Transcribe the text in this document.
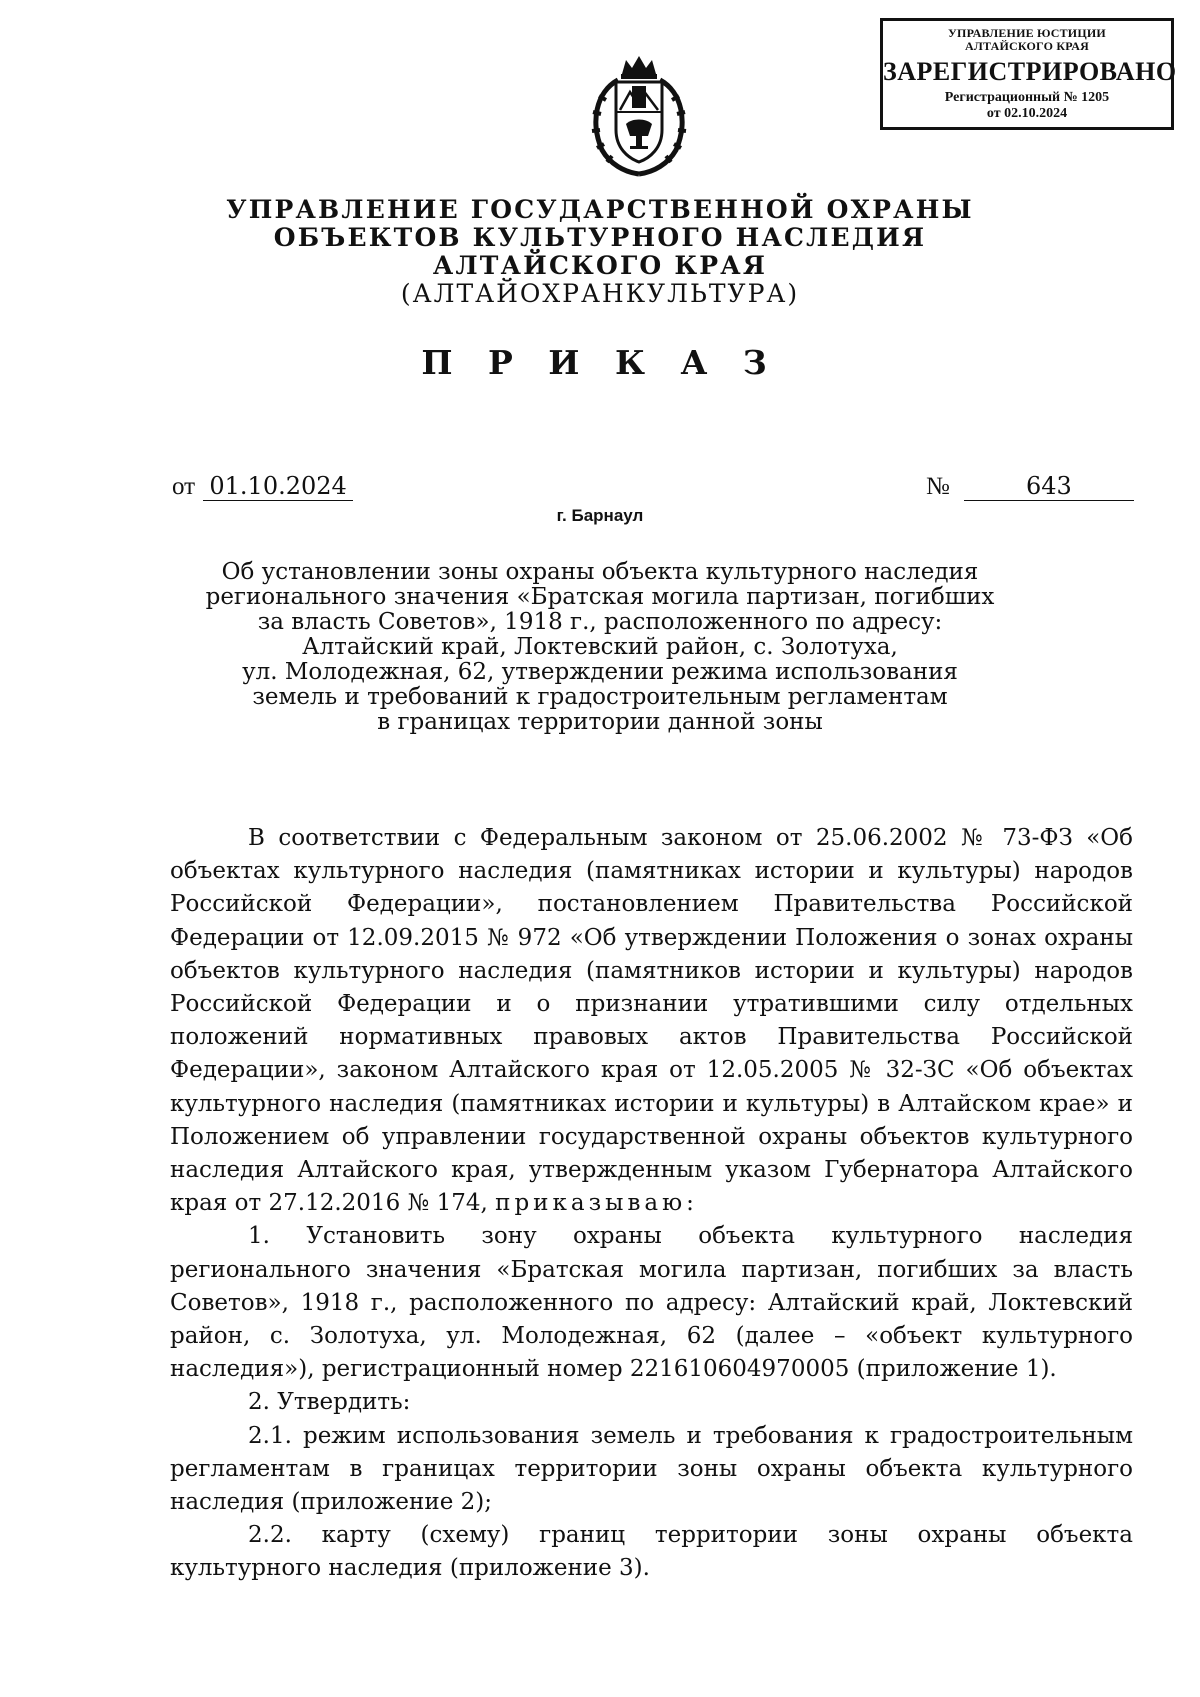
УПРАВЛЕНИЕ ЮСТИЦИИ
АЛТАЙСКОГО КРАЯ
ЗАРЕГИСТРИРОВАНО
Регистрационный № 1205
от 02.10.2024
УПРАВЛЕНИЕ ГОСУДАРСТВЕННОЙ ОХРАНЫ
ОБЪЕКТОВ КУЛЬТУРНОГО НАСЛЕДИЯ
АЛТАЙСКОГО КРАЯ
(АЛТАЙОХРАНКУЛЬТУРА)
П Р И К А З
от 01.10.2024	№	643
г. Барнаул
Об установлении зоны охраны объекта культурного наследия
регионального значения «Братская могила партизан, погибших
за власть Советов», 1918 г., расположенного по адресу:
Алтайский край, Локтевский район, с. Золотуха,
ул. Молодежная, 62, утверждении режима использования
земель и требований к градостроительным регламентам
в границах территории данной зоны

В соответствии с Федеральным законом от 25.06.2002 № 73-ФЗ «Об объектах культурного наследия (памятниках истории и культуры) народов Российской Федерации», постановлением Правительства Российской Федерации от 12.09.2015 № 972 «Об утверждении Положения о зонах охраны объектов культурного наследия (памятников истории и культуры) народов Российской Федерации и о признании утратившими силу отдельных положений нормативных правовых актов Правительства Российской Федерации», законом Алтайского края от 12.05.2005 № 32-ЗС «Об объектах культурного наследия (памятниках истории и культуры) в Алтайском крае» и Положением об управлении государственной охраны объектов культурного наследия Алтайского края, утвержденным указом Губернатора Алтайского края от 27.12.2016 № 174, приказываю:

1. Установить зону охраны объекта культурного наследия регионального значения «Братская могила партизан, погибших за власть Советов», 1918 г., расположенного по адресу: Алтайский край, Локтевский район, с. Золотуха, ул. Молодежная, 62 (далее – «объект культурного наследия»), регистрационный номер 221610604970005 (приложение 1).

2. Утвердить:

2.1. режим использования земель и требования к градостроительным регламентам в границах территории зоны охраны объекта культурного наследия (приложение 2);

2.2. карту (схему) границ территории зоны охраны объекта культурного наследия (приложение 3).
